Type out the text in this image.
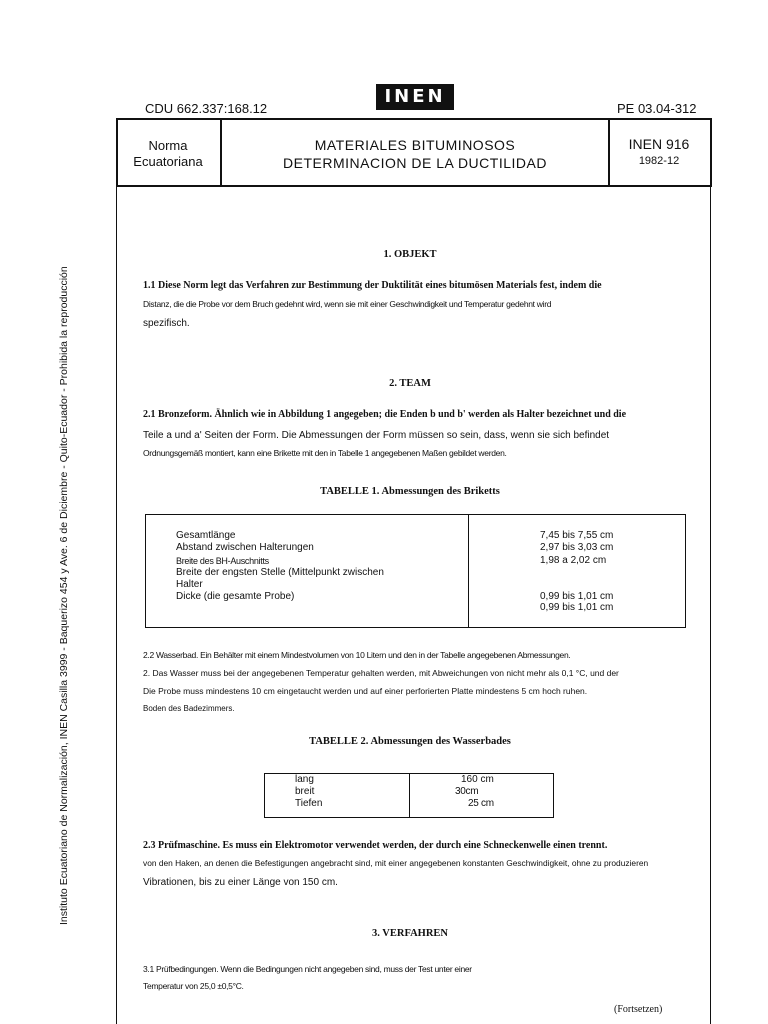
INEN
CDU 662.337:168.12	PE 03.04-312
Norma
Ecuatoriana
MATERIALES BITUMINOSOS
DETERMINACION DE LA DUCTILIDAD
INEN 916
1982-12
Instituto Ecuatoriano de Normalización, INEN Casilla 3999 - Baquerizo 454 y Ave. 6 de Diciembre - Quito-Ecuador - Prohibida la reproducción
1. OBJEKT
1.1 Diese Norm legt das Verfahren zur Bestimmung der Duktilität eines bitumösen Materials fest, indem die
Distanz, die die Probe vor dem Bruch gedehnt wird, wenn sie mit einer Geschwindigkeit und Temperatur gedehnt wird
spezifisch.
2. TEAM
2.1 Bronzeform. Ähnlich wie in Abbildung 1 angegeben; die Enden b und b' werden als Halter bezeichnet und die
Teile a und a' Seiten der Form. Die Abmessungen der Form müssen so sein, dass, wenn sie sich befindet
Ordnungsgemäß montiert, kann eine Brikette mit den in Tabelle 1 angegebenen Maßen gebildet werden.
TABELLE 1. Abmessungen des Briketts
Gesamtlänge
Abstand zwischen Halterungen
Breite des BH-Auschnitts
Breite der engsten Stelle (Mittelpunkt zwischen
Halter
Dicke (die gesamte Probe)
7,45 bis 7,55 cm
2,97 bis 3,03 cm
1,98 a 2,02 cm
0,99 bis 1,01 cm
0,99 bis 1,01 cm
2.2 Wasserbad. Ein Behälter mit einem Mindestvolumen von 10 Litern und den in der Tabelle angegebenen Abmessungen.
2. Das Wasser muss bei der angegebenen Temperatur gehalten werden, mit Abweichungen von nicht mehr als 0,1 °C, und der
Die Probe muss mindestens 10 cm eingetaucht werden und auf einer perforierten Platte mindestens 5 cm hoch ruhen.
Boden des Badezimmers.
TABELLE 2. Abmessungen des Wasserbades
lang
breit
Tiefen
160 cm
30cm
25 cm
2.3 Prüfmaschine. Es muss ein Elektromotor verwendet werden, der durch eine Schneckenwelle einen trennt.
von den Haken, an denen die Befestigungen angebracht sind, mit einer angegebenen konstanten Geschwindigkeit, ohne zu produzieren
Vibrationen, bis zu einer Länge von 150 cm.
3. VERFAHREN
3.1 Prüfbedingungen. Wenn die Bedingungen nicht angegeben sind, muss der Test unter einer
Temperatur von 25,0 ±0,5°C.
(Fortsetzen)
